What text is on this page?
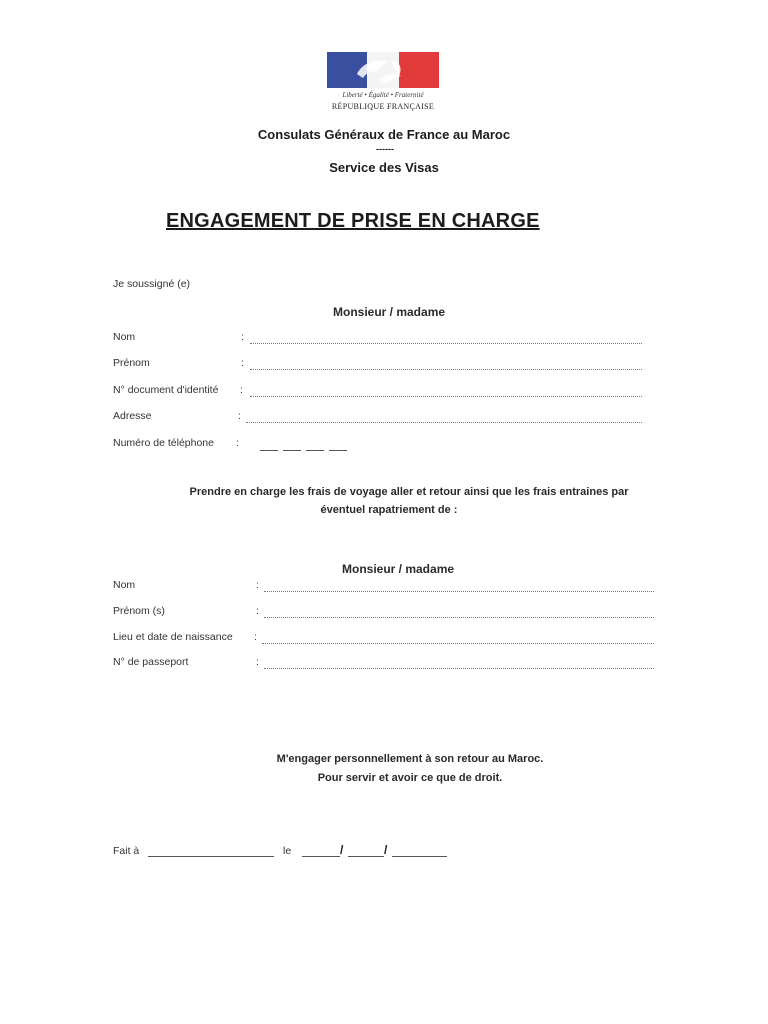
Liberté • Égalité • Fraternité
RÉPUBLIQUE FRANÇAISE
Consulats Généraux de France au Maroc
------
Service des Visas
ENGAGEMENT DE PRISE EN CHARGE
Je soussigné (e)
Monsieur / madame
Nom	:
Prénom	:
N° document d'identité :
Adresse	:
Numéro de téléphone :
Prendre en charge les frais de voyage aller et retour ainsi que les frais entraines par
éventuel rapatriement de :
Monsieur / madame
Nom	:
Prénom (s)	:
Lieu et date de naissance :
N° de passeport	:
M'engager personnellement à son retour au Maroc.
Pour servir et avoir ce que de droit.
Fait à	le	/	/
